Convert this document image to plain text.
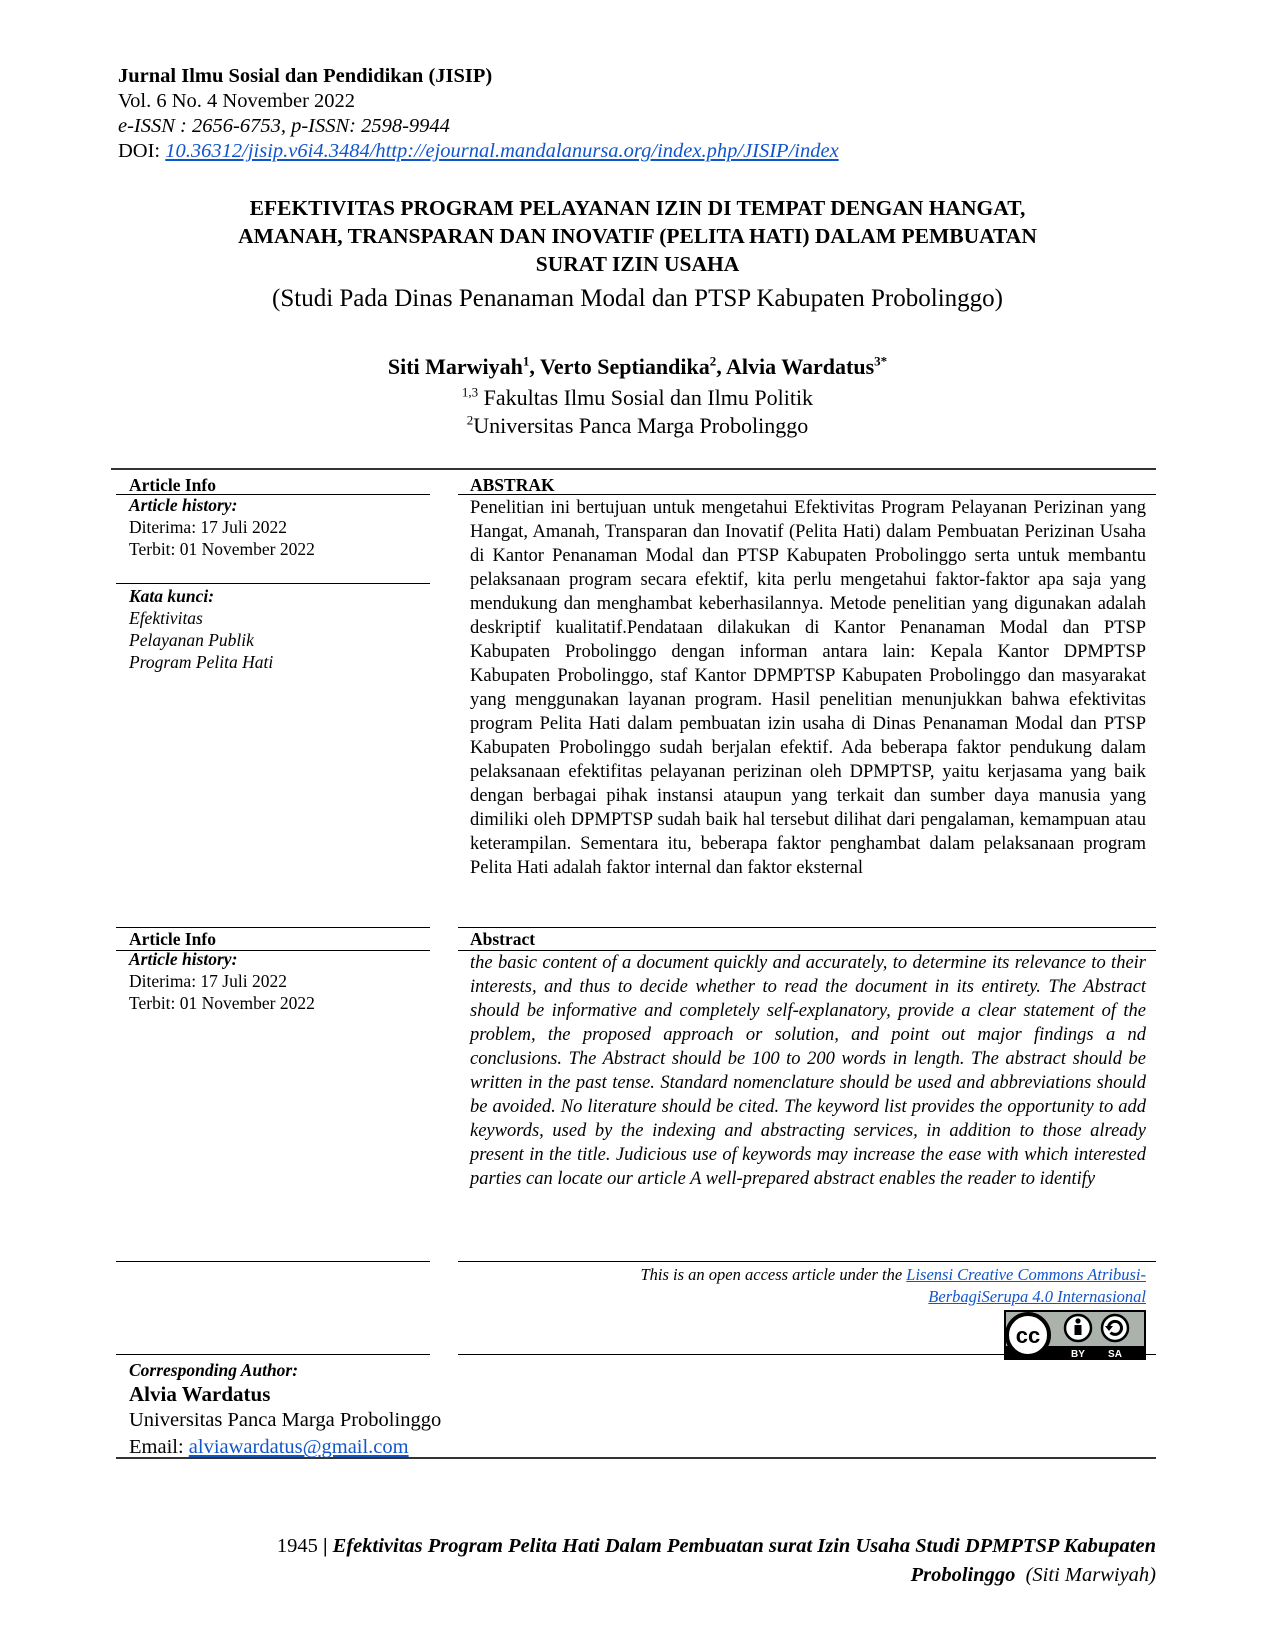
Jurnal Ilmu Sosial dan Pendidikan (JISIP)
Vol. 6 No. 4 November 2022
e-ISSN : 2656-6753, p-ISSN: 2598-9944
DOI: 10.36312/jisip.v6i4.3484/http://ejournal.mandalanursa.org/index.php/JISIP/index
EFEKTIVITAS PROGRAM PELAYANAN IZIN DI TEMPAT DENGAN HANGAT,
AMANAH, TRANSPARAN DAN INOVATIF (PELITA HATI) DALAM PEMBUATAN
SURAT IZIN USAHA
(Studi Pada Dinas Penanaman Modal dan PTSP Kabupaten Probolinggo)
Siti Marwiyah$^1$, Verto Septiandika$^2$, Alvia Wardatus$^{3*}$
$^{1,3}$ Fakultas Ilmu Sosial dan Ilmu Politik
$^2$Universitas Panca Marga Probolinggo
Article Info
Article history:
Diterima: 17 Juli 2022
Terbit: 01 November 2022
Kata kunci:
Efektivitas
Pelayanan Publik
Program Pelita Hati
ABSTRAK
Penelitian ini bertujuan untuk mengetahui Efektivitas Program Pelayanan Perizinan yang Hangat, Amanah, Transparan dan Inovatif (Pelita Hati) dalam Pembuatan Perizinan Usaha di Kantor Penanaman Modal dan PTSP Kabupaten Probolinggo serta untuk membantu pelaksanaan program secara efektif, kita perlu mengetahui faktor-faktor apa saja yang mendukung dan menghambat keberhasilannya. Metode penelitian yang digunakan adalah deskriptif kualitatif.Pendataan dilakukan di Kantor Penanaman Modal dan PTSP Kabupaten Probolinggo dengan informan antara lain: Kepala Kantor DPMPTSP Kabupaten Probolinggo, staf Kantor DPMPTSP Kabupaten Probolinggo dan masyarakat yang menggunakan layanan program. Hasil penelitian menunjukkan bahwa efektivitas program Pelita Hati dalam pembuatan izin usaha di Dinas Penanaman Modal dan PTSP Kabupaten Probolinggo sudah berjalan efektif. Ada beberapa faktor pendukung dalam pelaksanaan efektifitas pelayanan perizinan oleh DPMPTSP, yaitu kerjasama yang baik dengan berbagai pihak instansi ataupun yang terkait dan sumber daya manusia yang dimiliki oleh DPMPTSP sudah baik hal tersebut dilihat dari pengalaman, kemampuan atau keterampilan. Sementara itu, beberapa faktor penghambat dalam pelaksanaan program Pelita Hati adalah faktor internal dan faktor eksternal
Article Info
Article history:
Diterima: 17 Juli 2022
Terbit: 01 November 2022
Abstract
the basic content of a document quickly and accurately, to determine its relevance to their interests, and thus to decide whether to read the document in its entirety. The Abstract should be informative and completely self-explanatory, provide a clear statement of the problem, the proposed approach or solution, and point out major findings a nd conclusions. The Abstract should be 100 to 200 words in length. The abstract should be written in the past tense. Standard nomenclature should be used and abbreviations should be avoided. No literature should be cited. The keyword list provides the opportunity to add keywords, used by the indexing and abstracting services, in addition to those already present in the title. Judicious use of keywords may increase the ease with which interested parties can locate our article A well-prepared abstract enables the reader to identify
This is an open access article under the Lisensi Creative Commons Atribusi-
BerbagiSerupa 4.0 Internasional
cc
BY SA
Corresponding Author:
Alvia Wardatus
Universitas Panca Marga Probolinggo
Email: alviawardatus@gmail.com
1945 | Efektivitas Program Pelita Hati Dalam Pembuatan surat Izin Usaha Studi DPMPTSP Kabupaten Probolinggo (Siti Marwiyah)
